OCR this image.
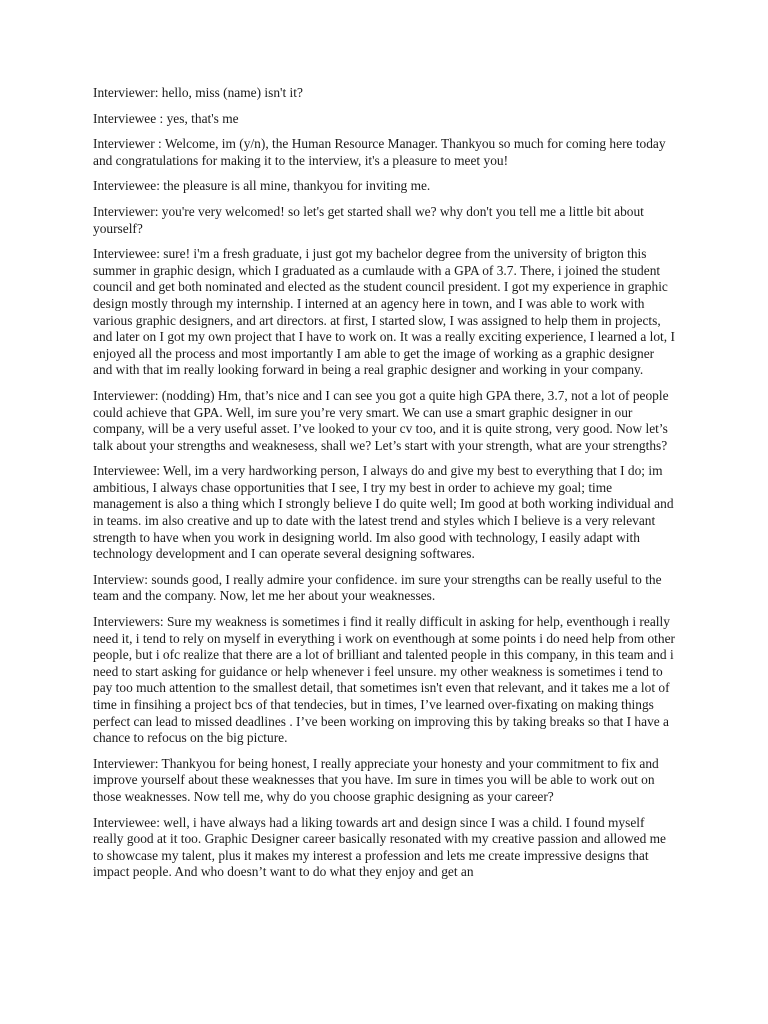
Interviewer: hello, miss (name) isn't it?

Interviewee : yes, that's me

Interviewer : Welcome, im (y/n), the Human Resource Manager. Thankyou so much for coming here today and congratulations for making it to the interview, it's a pleasure to meet you!

Interviewee: the pleasure is all mine, thankyou for inviting me.

Interviewer: you're very welcomed! so let's get started shall we? why don't you tell me a little bit about yourself?

Interviewee: sure! i'm a fresh graduate, i just got my bachelor degree from the university of brigton this summer in graphic design, which I graduated as a cumlaude with a GPA of 3.7. There, i joined the student council and get both nominated and elected as the student council president. I got my experience in graphic design mostly through my internship. I interned at an agency here in town, and I was able to work with various graphic designers, and art directors. at first, I started slow, I was assigned to help them in projects, and later on I got my own project that I have to work on. It was a really exciting experience, I learned a lot, I enjoyed all the process and most importantly I am able to get the image of working as a graphic designer and with that im really looking forward in being a real graphic designer and working in your company.

Interviewer: (nodding) Hm, that’s nice and I can see you got a quite high GPA there, 3.7, not a lot of people could achieve that GPA. Well, im sure you’re very smart. We can use a smart graphic designer in our company, will be a very useful asset. I’ve looked to your cv too, and it is quite strong, very good. Now let’s talk about your strengths and weaknesess, shall we? Let’s start with your strength, what are your strengths?

Interviewee: Well, im a very hardworking person, I always do and give my best to everything that I do; im ambitious, I always chase opportunities that I see, I try my best in order to achieve my goal; time management is also a thing which I strongly believe I do quite well; Im good at both working individual and in teams. im also creative and up to date with the latest trend and styles which I believe is a very relevant strength to have when you work in designing world. Im also good with technology, I easily adapt with technology development and I can operate several designing softwares.

Interview: sounds good, I really admire your confidence. im sure your strengths can be really useful to the team and the company. Now, let me her about your weaknesses.

Interviewers: Sure my weakness is sometimes i find it really difficult in asking for help, eventhough i really need it, i tend to rely on myself in everything i work on eventhough at some points i do need help from other people, but i ofc realize that there are a lot of brilliant and talented people in this company, in this team and i need to start asking for guidance or help whenever i feel unsure. my other weakness is sometimes i tend to pay too much attention to the smallest detail, that sometimes isn't even that relevant, and it takes me a lot of time in finsihing a project bcs of that tendecies, but in times, I’ve learned over-fixating on making things perfect can lead to missed deadlines . I’ve been working on improving this by taking breaks so that I have a chance to refocus on the big picture.

Interviewer: Thankyou for being honest, I really appreciate your honesty and your commitment to fix and improve yourself about these weaknesses that you have. Im sure in times you will be able to work out on those weaknesses. Now tell me, why do you choose graphic designing as your career?

Interviewee: well, i have always had a liking towards art and design since I was a child. I found myself really good at it too. Graphic Designer career basically resonated with my creative passion and allowed me to showcase my talent, plus it makes my interest a profession and lets me create impressive designs that impact people. And who doesn’t want to do what they enjoy and get an
